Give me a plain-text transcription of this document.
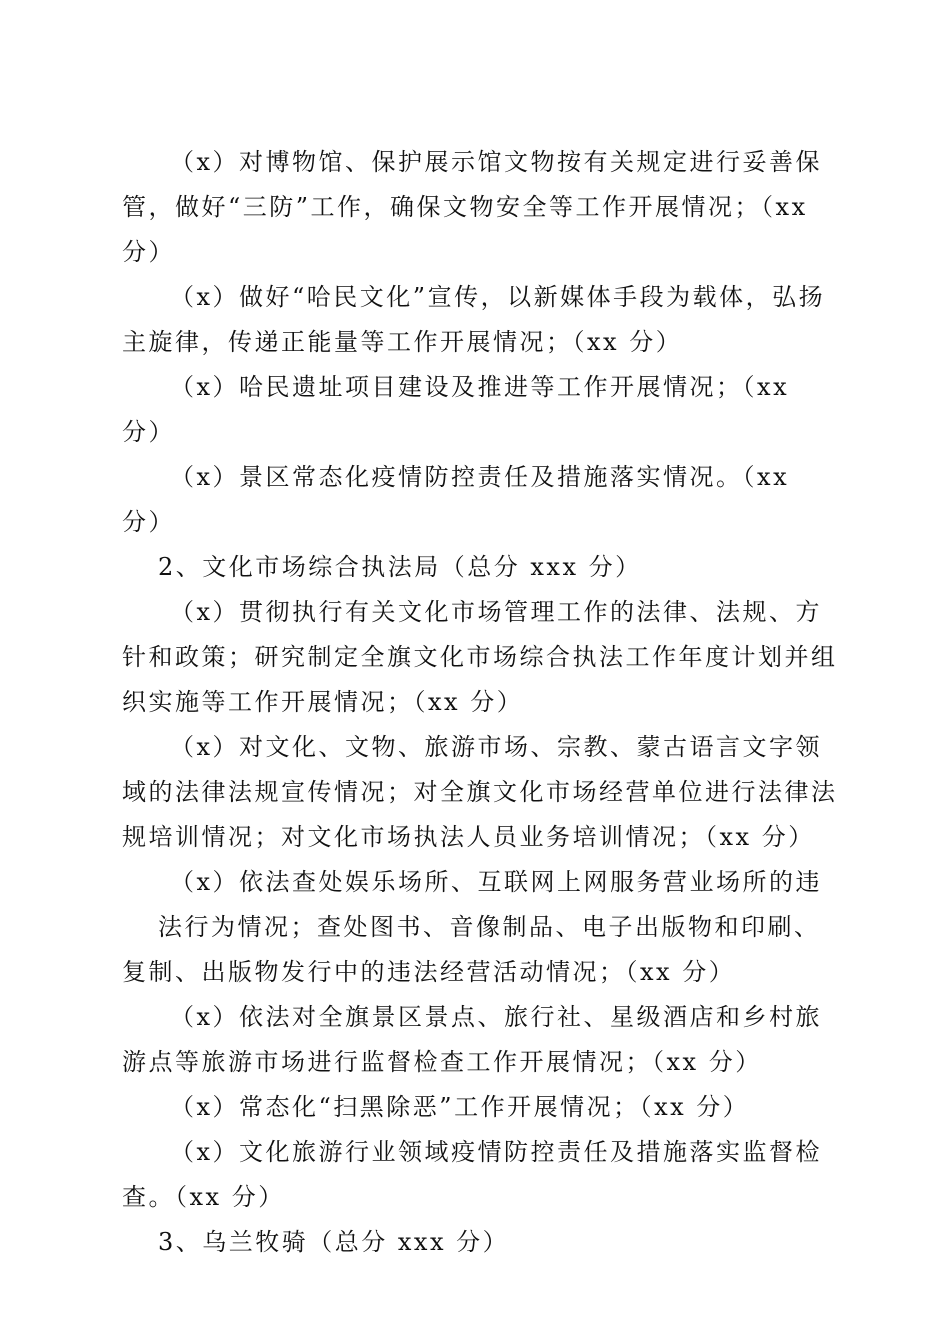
（x）对博物馆、保护展示馆文物按有关规定进行妥善保管，做好“三防”工作，确保文物安全等工作开展情况；（xx 分）

（x）做好“哈民文化”宣传，以新媒体手段为载体，弘扬主旋律，传递正能量等工作开展情况；（xx 分）

（x）哈民遗址项目建设及推进等工作开展情况；（xx 分）

（x）景区常态化疫情防控责任及措施落实情况。（xx 分）

2、文化市场综合执法局（总分 xxx 分）

（x）贯彻执行有关文化市场管理工作的法律、法规、方针和政策；研究制定全旗文化市场综合执法工作年度计划并组织实施等工作开展情况；（xx 分）

（x）对文化、文物、旅游市场、宗教、蒙古语言文字领域的法律法规宣传情况；对全旗文化市场经营单位进行法律法规培训情况；对文化市场执法人员业务培训情况；（xx 分）

（x）依法查处娱乐场所、互联网上网服务营业场所的违

法行为情况；查处图书、音像制品、电子出版物和印刷、复制、出版物发行中的违法经营活动情况；（xx 分）

（x）依法对全旗景区景点、旅行社、星级酒店和乡村旅游点等旅游市场进行监督检查工作开展情况；（xx 分）

（x）常态化“扫黑除恶”工作开展情况；（xx 分）

（x）文化旅游行业领域疫情防控责任及措施落实监督检查。（xx 分）

3、乌兰牧骑（总分 xxx 分）
